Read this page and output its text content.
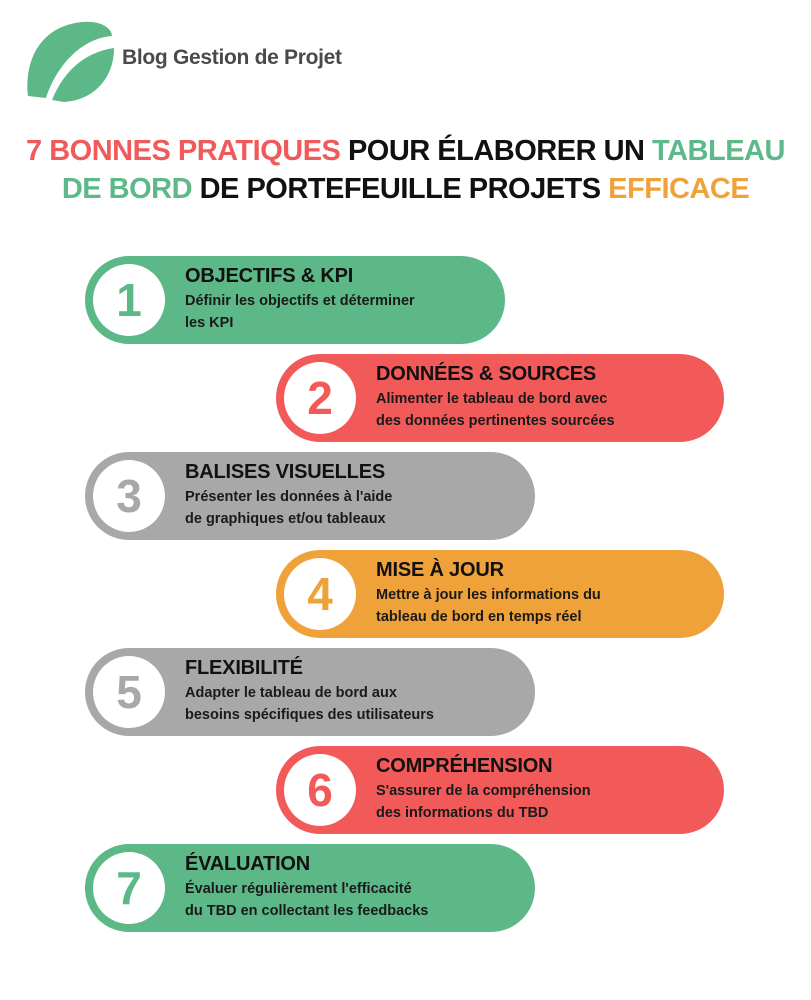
Blog Gestion de Projet
7 BONNES PRATIQUES POUR ÉLABORER UN TABLEAU
DE BORD DE PORTEFEUILLE PROJETS EFFICACE
1 OBJECTIFS & KPI
Définir les objectifs et déterminer
les KPI
2 DONNÉES & SOURCES
Alimenter le tableau de bord avec
des données pertinentes sourcées
3 BALISES VISUELLES
Présenter les données à l'aide
de graphiques et/ou tableaux
4 MISE À JOUR
Mettre à jour les informations du
tableau de bord en temps réel
5 FLEXIBILITÉ
Adapter le tableau de bord aux
besoins spécifiques des utilisateurs
6 COMPRÉHENSION
S'assurer de la compréhension
des informations du TBD
7 ÉVALUATION
Évaluer régulièrement l'efficacité
du TBD en collectant les feedbacks
